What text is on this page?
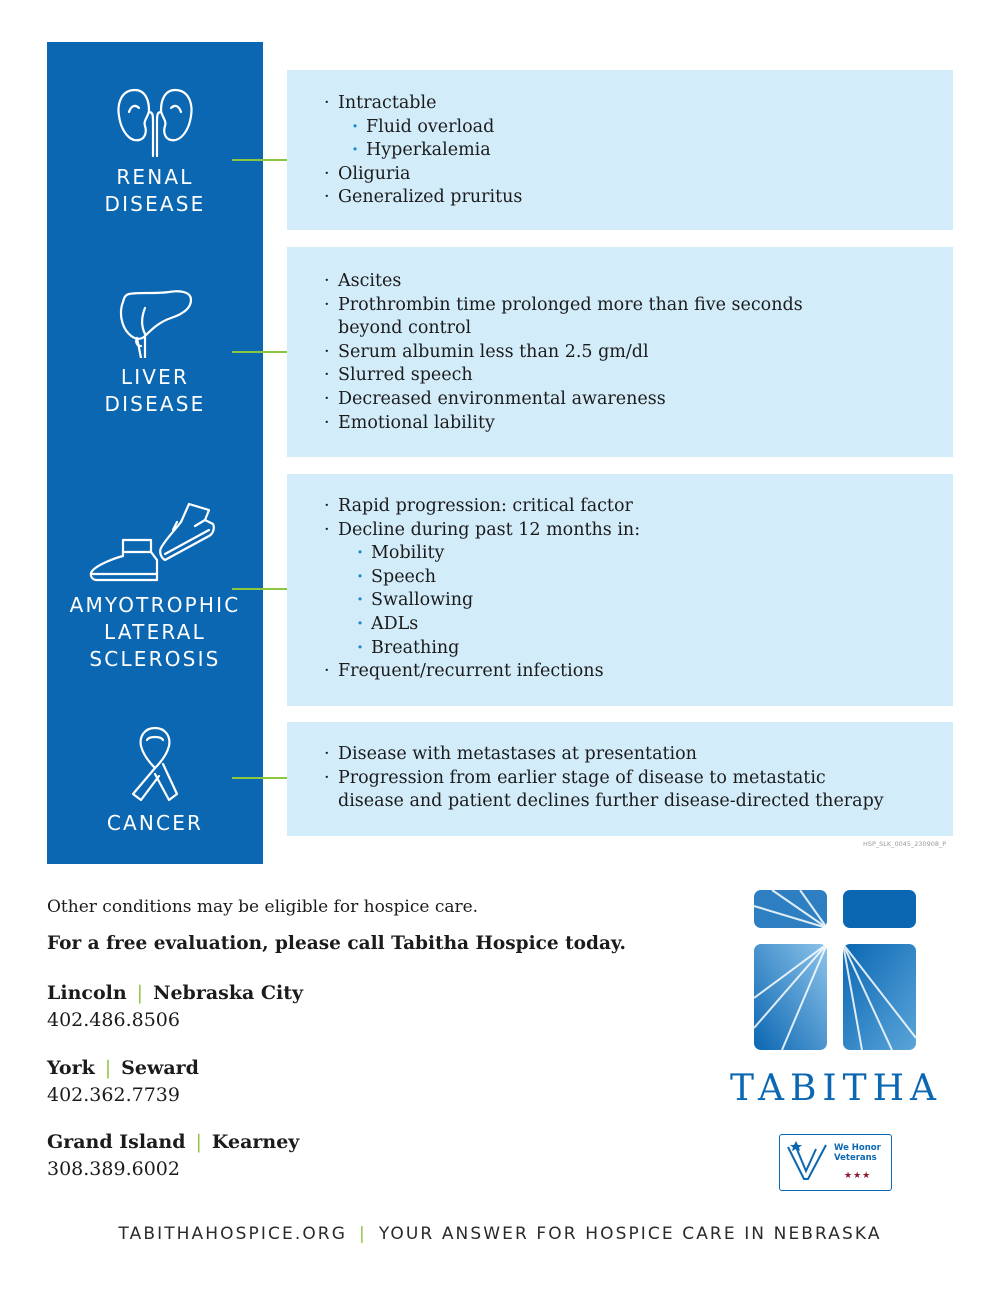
RENAL
DISEASE
· Intractable
· Fluid overload
· Hyperkalemia
· Oliguria
· Generalized pruritus
LIVER
DISEASE
· Ascites
· Prothrombin time prolonged more than five seconds
beyond control
· Serum albumin less than 2.5 gm/dl
· Slurred speech
· Decreased environmental awareness
· Emotional lability
AMYOTROPHIC
LATERAL
SCLEROSIS
· Rapid progression: critical factor
· Decline during past 12 months in:
· Mobility
· Speech
· Swallowing
· ADLs
· Breathing
· Frequent/recurrent infections
CANCER
· Disease with metastases at presentation
· Progression from earlier stage of disease to metastatic
disease and patient declines further disease-directed therapy
HSP_SLK_0045_230908_P
Other conditions may be eligible for hospice care.
For a free evaluation, please call Tabitha Hospice today.
Lincoln | Nebraska City
402.486.8506
York | Seward
402.362.7739
Grand Island | Kearney
308.389.6002
TABITHA
We Honor
Veterans
★★★
TABITHAHOSPICE.ORG | YOUR ANSWER FOR HOSPICE CARE IN NEBRASKA
